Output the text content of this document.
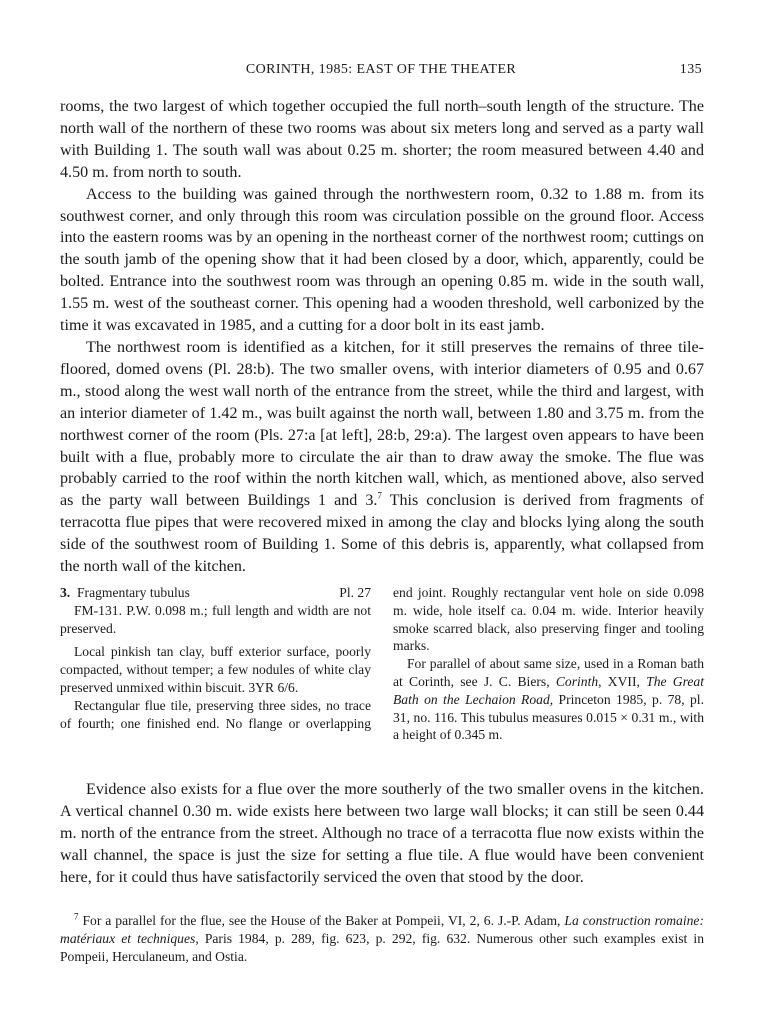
CORINTH, 1985: EAST OF THE THEATER	135

rooms, the two largest of which together occupied the full north–south length of the structure. The north wall of the northern of these two rooms was about six meters long and served as a party wall with Building 1. The south wall was about 0.25 m. shorter; the room measured between 4.40 and 4.50 m. from north to south.

Access to the building was gained through the northwestern room, 0.32 to 1.88 m. from its southwest corner, and only through this room was circulation possible on the ground floor. Access into the eastern rooms was by an opening in the northeast corner of the northwest room; cuttings on the south jamb of the opening show that it had been closed by a door, which, apparently, could be bolted. Entrance into the southwest room was through an opening 0.85 m. wide in the south wall, 1.55 m. west of the southeast corner. This opening had a wooden threshold, well carbonized by the time it was excavated in 1985, and a cutting for a door bolt in its east jamb.

The northwest room is identified as a kitchen, for it still preserves the remains of three tile-floored, domed ovens (Pl. 28:b). The two smaller ovens, with interior diameters of 0.95 and 0.67 m., stood along the west wall north of the entrance from the street, while the third and largest, with an interior diameter of 1.42 m., was built against the north wall, between 1.80 and 3.75 m. from the northwest corner of the room (Pls. 27:a [at left], 28:b, 29:a). The largest oven appears to have been built with a flue, probably more to circulate the air than to draw away the smoke. The flue was probably carried to the roof within the north kitchen wall, which, as mentioned above, also served as the party wall between Buildings 1 and 3.$^7$ This conclusion is derived from fragments of terracotta flue pipes that were recovered mixed in among the clay and blocks lying along the south side of the southwest room of Building 1. Some of this debris is, apparently, what collapsed from the north wall of the kitchen.

3. Fragmentary tubulus	Pl. 27

FM-131. P.W. 0.098 m.; full length and width are not preserved.

Local pinkish tan clay, buff exterior surface, poorly compacted, without temper; a few nodules of white clay preserved unmixed within biscuit. 3YR 6/6.

Rectangular flue tile, preserving three sides, no trace of fourth; one finished end. No flange or overlapping end joint. Roughly rectangular vent hole on side 0.098 m. wide, hole itself ca. 0.04 m. wide. Interior heavily smoke scarred black, also preserving finger and tooling marks.

For parallel of about same size, used in a Roman bath at Corinth, see J. C. Biers, Corinth, XVII, The Great Bath on the Lechaion Road, Princeton 1985, p. 78, pl. 31, no. 116. This tubulus measures 0.015 × 0.31 m., with a height of 0.345 m.

Evidence also exists for a flue over the more southerly of the two smaller ovens in the kitchen. A vertical channel 0.30 m. wide exists here between two large wall blocks; it can still be seen 0.44 m. north of the entrance from the street. Although no trace of a terracotta flue now exists within the wall channel, the space is just the size for setting a flue tile. A flue would have been convenient here, for it could thus have satisfactorily serviced the oven that stood by the door.

$^7$ For a parallel for the flue, see the House of the Baker at Pompeii, VI, 2, 6. J.-P. Adam, La construction romaine: matériaux et techniques, Paris 1984, p. 289, fig. 623, p. 292, fig. 632. Numerous other such examples exist in Pompeii, Herculaneum, and Ostia.
